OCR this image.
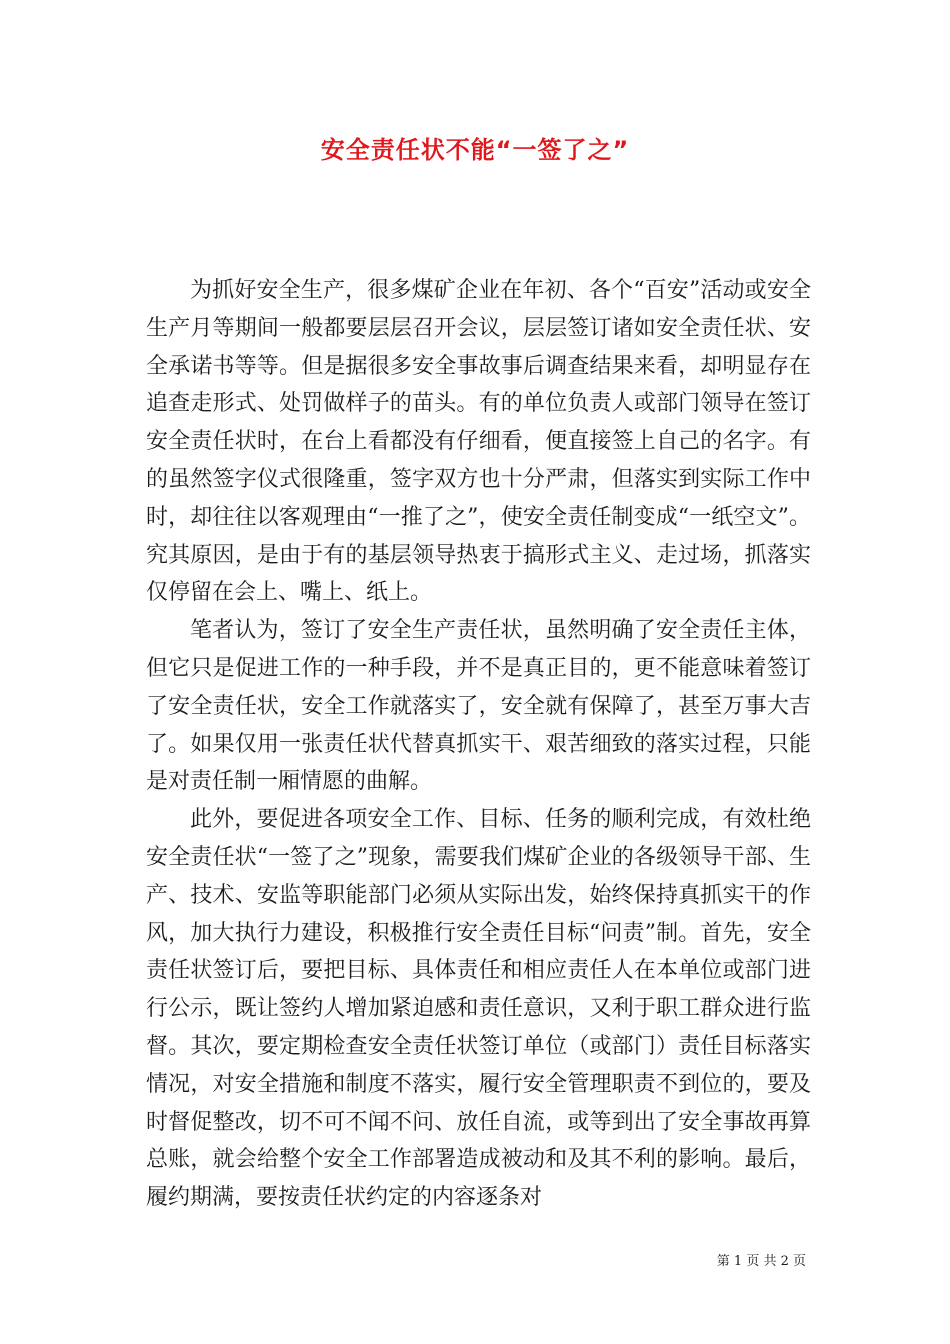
安全责任状不能“一签了之”

为抓好安全生产，很多煤矿企业在年初、各个“百安”活动或安全生产月等期间一般都要层层召开会议，层层签订诸如安全责任状、安全承诺书等等。但是据很多安全事故事后调查结果来看，却明显存在追查走形式、处罚做样子的苗头。有的单位负责人或部门领导在签订安全责任状时，在台上看都没有仔细看，便直接签上自己的名字。有的虽然签字仪式很隆重，签字双方也十分严肃，但落实到实际工作中时，却往往以客观理由“一推了之”，使安全责任制变成“一纸空文”。究其原因，是由于有的基层领导热衷于搞形式主义、走过场，抓落实仅停留在会上、嘴上、纸上。

笔者认为，签订了安全生产责任状，虽然明确了安全责任主体，但它只是促进工作的一种手段，并不是真正目的，更不能意味着签订了安全责任状，安全工作就落实了，安全就有保障了，甚至万事大吉了。如果仅用一张责任状代替真抓实干、艰苦细致的落实过程，只能是对责任制一厢情愿的曲解。

此外，要促进各项安全工作、目标、任务的顺利完成，有效杜绝安全责任状“一签了之”现象，需要我们煤矿企业的各级领导干部、生产、技术、安监等职能部门必须从实际出发，始终保持真抓实干的作风，加大执行力建设，积极推行安全责任目标“问责”制。首先，安全责任状签订后，要把目标、具体责任和相应责任人在本单位或部门进行公示，既让签约人增加紧迫感和责任意识，又利于职工群众进行监督。其次，要定期检查安全责任状签订单位（或部门）责任目标落实情况，对安全措施和制度不落实，履行安全管理职责不到位的，要及时督促整改，切不可不闻不问、放任自流，或等到出了安全事故再算总账，就会给整个安全工作部署造成被动和及其不利的影响。最后，履约期满，要按责任状约定的内容逐条对

第 1 页 共 2 页
